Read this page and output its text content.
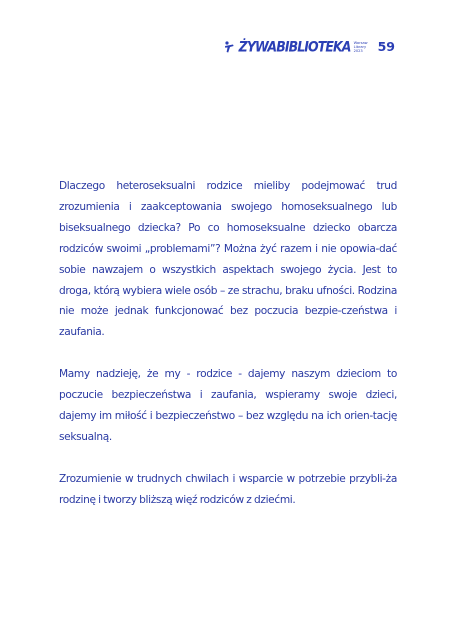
ŻYWABIBLIOTEKA Warsaw
Library
2023	59

Dlaczego heteroseksualni rodzice mieliby podejmować trud zrozumienia i zaakceptowania swojego homoseksualnego lub biseksualnego dziecka? Po co homoseksualne dziecko obarcza rodziców swoimi „problemami”? Można żyć razem i nie opowia-dać sobie nawzajem o wszystkich aspektach swojego życia. Jest to droga, którą wybiera wiele osób – ze strachu, braku ufności. Rodzina nie może jednak funkcjonować bez poczucia bezpie-czeństwa i zaufania.

Mamy nadzieję, że my - rodzice - dajemy naszym dzieciom to poczucie bezpieczeństwa i zaufania, wspieramy swoje dzieci, dajemy im miłość i bezpieczeństwo – bez względu na ich orien-tację seksualną.

Zrozumienie w trudnych chwilach i wsparcie w potrzebie przybli-ża rodzinę i tworzy bliższą więź rodziców z dziećmi.
